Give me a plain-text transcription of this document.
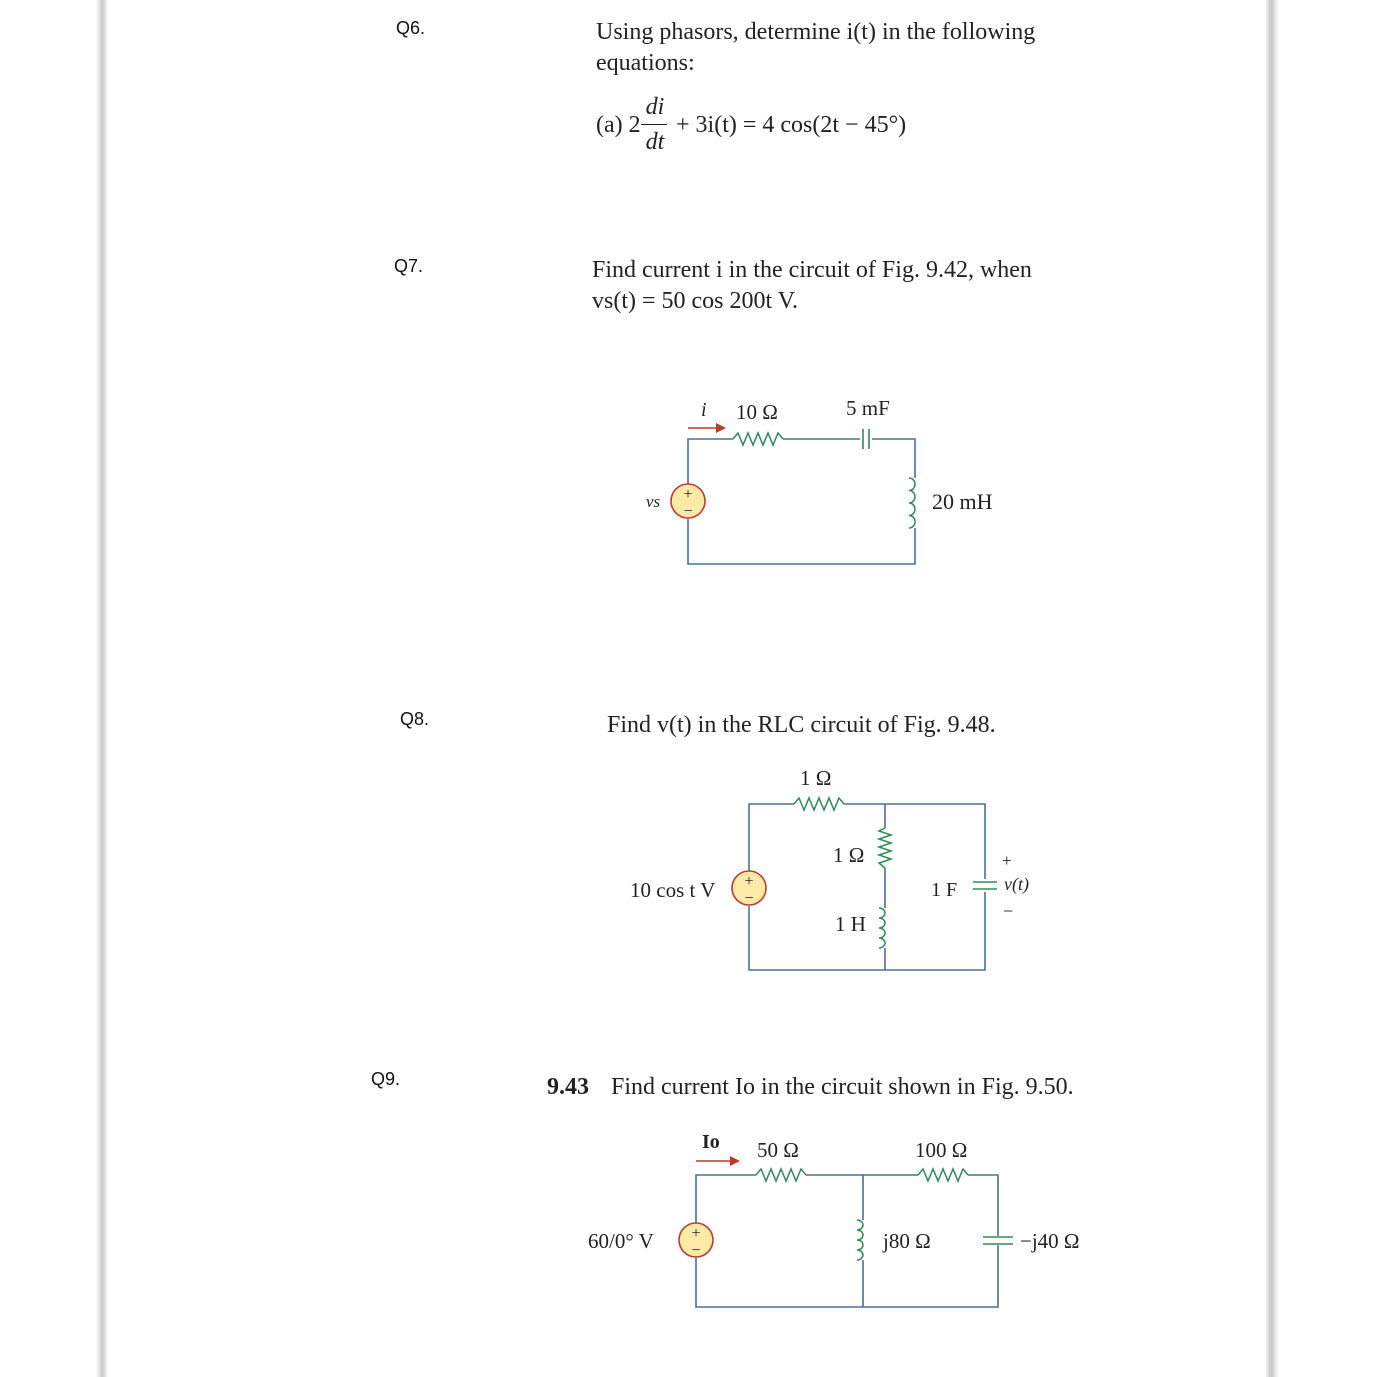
Q6.	Using phasors, determine i(t) in the following
equations:
(a) 2
di
dt
+ 3i(t) = 4 cos(2t − 45°)
Q7.	Find current i in the circuit of Fig. 9.42, when
vs(t) = 50 cos 200t V.
+
−
i 10 Ω	5 mF
20 mH
vs
Q8.	Find v(t) in the RLC circuit of Fig. 9.48.
+
−
1 Ω
1 Ω
1 H
1 F
10 cos t V
+
v(t)
−
Q9.	9.43 Find current Io in the circuit shown in Fig. 9.50.
+
−
Io 50 Ω	100 Ω
j80 Ω	−j40 Ω
60/0° V
